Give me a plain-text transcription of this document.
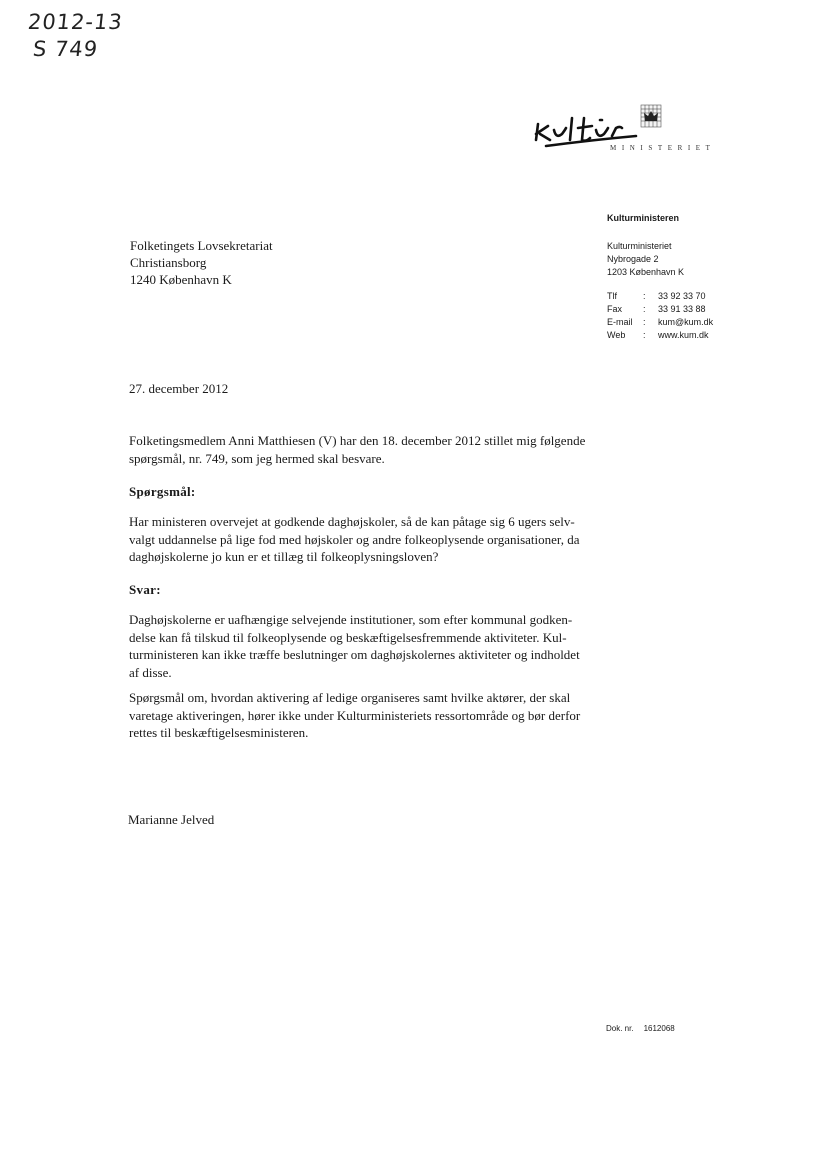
2012-13
S 749
MINISTERIET
Kulturministeren
Kulturministeriet
Nybrogade 2
1203 København K
Tlf	:	33 92 33 70
Fax	:	33 91 33 88
E-mail	:	kum@kum.dk
Web	:	www.kum.dk
Folketingets Lovsekretariat
Christiansborg
1240 København K
27. december 2012
Folketingsmedlem Anni Matthiesen (V) har den 18. december 2012 stillet mig følgende
spørgsmål, nr. 749, som jeg hermed skal besvare.
Spørgsmål:
Har ministeren overvejet at godkende daghøjskoler, så de kan påtage sig 6 ugers selv-
valgt uddannelse på lige fod med højskoler og andre folkeoplysende organisationer, da
daghøjskolerne jo kun er et tillæg til folkeoplysningsloven?
Svar:
Daghøjskolerne er uafhængige selvejende institutioner, som efter kommunal godken-
delse kan få tilskud til folkeoplysende og beskæftigelsesfremmende aktiviteter. Kul-
turministeren kan ikke træffe beslutninger om daghøjskolernes aktiviteter og indholdet
af disse.
Spørgsmål om, hvordan aktivering af ledige organiseres samt hvilke aktører, der skal
varetage aktiveringen, hører ikke under Kulturministeriets ressortområde og bør derfor
rettes til beskæftigelsesministeren.
Marianne Jelved
Dok. nr. 1612068
